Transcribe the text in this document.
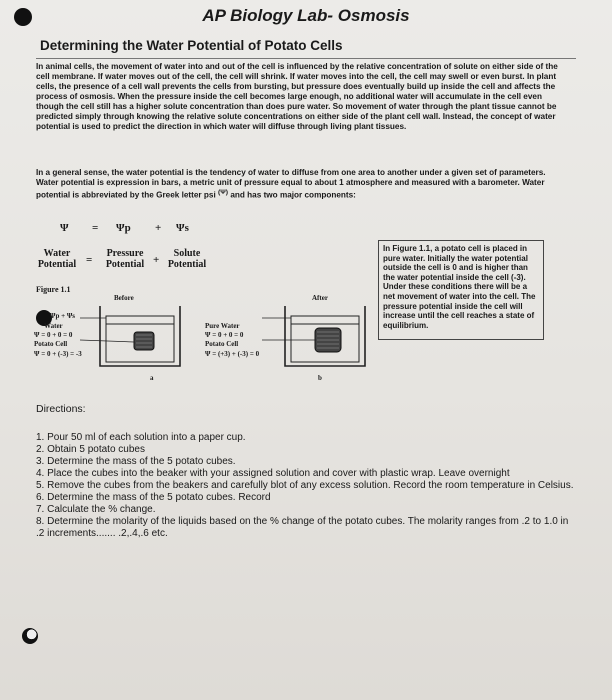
AP Biology Lab- Osmosis
Determining the Water Potential of Potato Cells
In animal cells, the movement of water into and out of the cell is influenced by the relative concentration of solute on either side of the cell membrane. If water moves out of the cell, the cell will shrink. If water moves into the cell, the cell may swell or even burst. In plant cells, the presence of a cell wall prevents the cells from bursting, but pressure does eventually build up inside the cell and affects the process of osmosis. When the pressure inside the cell becomes large enough, no additional water will accumulate in the cell even though the cell still has a higher solute concentration than does pure water. So movement of water through the plant tissue cannot be predicted simply through knowing the relative solute concentrations on either side of the plant cell wall. Instead, the concept of water potential is used to predict the direction in which water will diffuse through living plant tissues.
In a general sense, the water potential is the tendency of water to diffuse from one area to another under a given set of parameters. Water potential is expression in bars, a metric unit of pressure equal to about 1 atmosphere and measured with a barometer. Water potential is abbreviated by the Greek letter psi $^{(\Psi)}$ and has two major components:
Ψ = Ψp + Ψs
Water
Potential =
Pressure
Potential +
Solute
Potential
Figure 1.1
Before	After
Ψp + Ψs
Water
Ψ = 0 + 0 = 0
Potato Cell
Ψ = 0 + (-3) = -3
Pure Water
Ψ = 0 + 0 = 0
Potato Cell
Ψ = (+3) + (-3) = 0
a	b
In Figure 1.1, a potato cell is placed in pure water. Initially the water potential outside the cell is 0 and is higher than the water potential inside the cell (-3). Under these conditions there will be a net movement of water into the cell. The pressure potential inside the cell will increase until the cell reaches a state of equilibrium.
Directions:

1. Pour 50 ml of each solution into a paper cup.

2. Obtain 5 potato cubes

3. Determine the mass of the 5 potato cubes.

4. Place the cubes into the beaker with your assigned solution and cover with plastic wrap. Leave overnight

5. Remove the cubes from the beakers and carefully blot of any excess solution. Record the room temperature in Celsius.

6. Determine the mass of the 5 potato cubes. Record

7. Calculate the % change.

8. Determine the molarity of the liquids based on the % change of the potato cubes. The molarity ranges from .2 to 1.0 in .2 increments....... .2,.4,.6 etc.
